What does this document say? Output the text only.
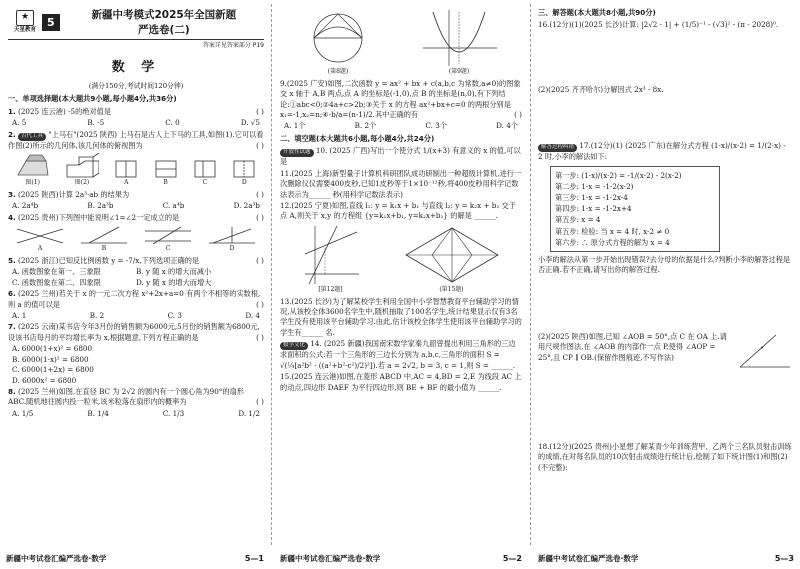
★
天星教育
5
新疆中考模式2025年全国新题
严选卷(二)
答案详见答案部分 P19
数 学
(满分150分,考试时间120分钟)
一、单项选择题(本大题共9小题,每小题4分,共36分)
1. (2025 连云港) -5的绝对值是	( )
A. 5	B. -5	C. 0	D. √5
2. 古代工具 "上马石"(2025 陕西) 上马石是古人上下马的工具,如图(1).它可以看作图(2)所示的几何体,该几何体的俯视图为	( )
图(1)	图(2)	A	B	C	D
3. (2025 陕西)计算 2a³·ab 的结果为	( )
A. 2a⁴b	B. 2a³b	C. a⁴b	D. 2a³b
4. (2025 贵州)下列图中能说明∠1=∠2一定成立的是	( )
A	B	C	D
5. (2025 浙江)已知反比例函数 y = -7/x,下列选项正确的是	( )
A. 函数图象在第一、三象限	B. y 随 x 的增大而减小
C. 函数图象在第二、四象限	D. y 随 x 的增大而增大
6. (2025 兰州)若关于 x 的一元二次方程 x²+2x+a=0 有两个不相等的实数根,则 a 的值可以是	( )
A. 1	B. 2	C. 3	D. 4
7. (2025 云南)某书店今年3月份的销售额为6000元,5月份的销售额为6800元,设该书店每月的平均增长率为 x,根据题意,下列方程正确的是	( )
A. 6000(1+x)² = 6800
B. 6000(1-x)² = 6800
C. 6000(1+2x) = 6800
D. 6000x² = 6800
8. (2025 兰州)如图,在直径 BC 为 2√2 的圆内有一个圆心角为90°的扇形 ABC.随机地往圆内投一粒米,该米粒落在扇形内的概率为	( )
A. 1/5	B. 1/4	C. 1/3	D. 1/2
新疆中考试卷汇编严选卷·数学	5—1
(第8题)	(第9题)
9.(2025 广安)如图,二次函数 y = ax² + bx + c(a,b,c 为常数,a≠0)的图象交 x 轴于 A,B 两点,点 A 的坐标是(-1,0),点 B 的坐标是(n,0),有下列结论:①abc<0;②4a+c>2b;③关于 x 的方程 ax²+bx+c=0 的两根分别是 x₁=-1,x₂=n;④-b/a=(n-1)/2.其中正确的有	( )
A. 1个	B. 2个	C. 3个	D. 4个
二、填空题(本大题共6小题,每小题4分,共24分)
开放性试题 10. (2025 广西)写出一个使分式 1/(x+3) 有意义的 x 的值,可以是
11.(2025 上海)新型量子计算机科研团队成功研制出一种超级计算机,进行一次删除仪仪需要400皮秒,已知1皮秒等于1×10⁻¹²秒,将400皮秒用科学记数法表示为______ 秒(用科学记数法表示)
12.(2025 宁夏)如图,直线 l₁: y = k₁x + b₁ 与直线 l₂: y = k₂x + b₂ 交于点 A,则关于 x,y 的方程组 {y=k₁x+b₁, y=k₂x+b₂} 的解是 ______.
[第12题]	(第15题)
13.(2025 长沙)为了解某校学生利用全国中小学智慧教育平台辅助学习的情况,从该校全体3600名学生中,随机抽取了100名学生,统计结果显示仅有3名学生没有使用该平台辅助学习.由此,估计该校全体学生使用该平台辅助学习的学生有______ 名.
数学文化 14. (2025 新疆)我国南宋数学家秦九韶曾提出利用三角形的三边求面积的公式:若一个三角形的三边长分别为 a,b,c,三角形的面积 S = √(¼[a²b² - ((a²+b²-c²)/2)²]).若 a = 2√2, b = 3, c = 1,则 S = ______.
15.(2025 连云港)如图,在菱形 ABCD 中,AC = 4,BD = 2,E 为线段 AC 上的动点,四边形 DAEF 为平行四边形,则 BE + BF 的最小值为 ______.
新疆中考试卷汇编严选卷·数学	5—2
三、解答题(本大题共8小题,共90分)
16.(12分)(1)(2025 长沙)计算: |2√2 - 1| + (1/5)⁻¹ - (√3)² - (π - 2028)⁰.
(2)(2025 齐齐哈尔)分解因式 2x³ - 8x.
解答过程纠错 17.(12分)(1) (2025 广东)在解分式方程 (1-x)/(x-2) = 1/(2-x) - 2 时,小李的解法如下:
第一步: (1-x)/(x-2) = -1/(x-2) - 2(x-2)
第二步: 1-x = -1-2(x-2)
第三步: 1-x = -1-2x-4
第四步: 1-x = -1-2x+4
第五步: x = 4
第五步: 检验: 当 x = 4 时, x-2 ≠ 0
第六步: ∴ 原分式方程的解为 x = 4
小李的解法从第一步开始出现错误?去分母的依据是什么?判断小李的解答过程是否正确.若不正确,请写出你的解答过程.
(2)(2025 陕西)如图,已知 ∠AOB = 50°,点 C 在 OA 上.请用尺规作图法,在 ∠AOB 的内部作一点 P,使得 ∠AOP = 25°,且 CP ∥ OB.(保留作图痕迹,不写作法)
18.(12分)(2025 贵州)小星想了解某青少年训练营甲、乙两个三名队员射击训练的成绩,在对每名队员的10次射击成绩进行统计后,绘制了如下统计图(1)和图(2)(不完整):
新疆中考试卷汇编严选卷·数学	5—3
